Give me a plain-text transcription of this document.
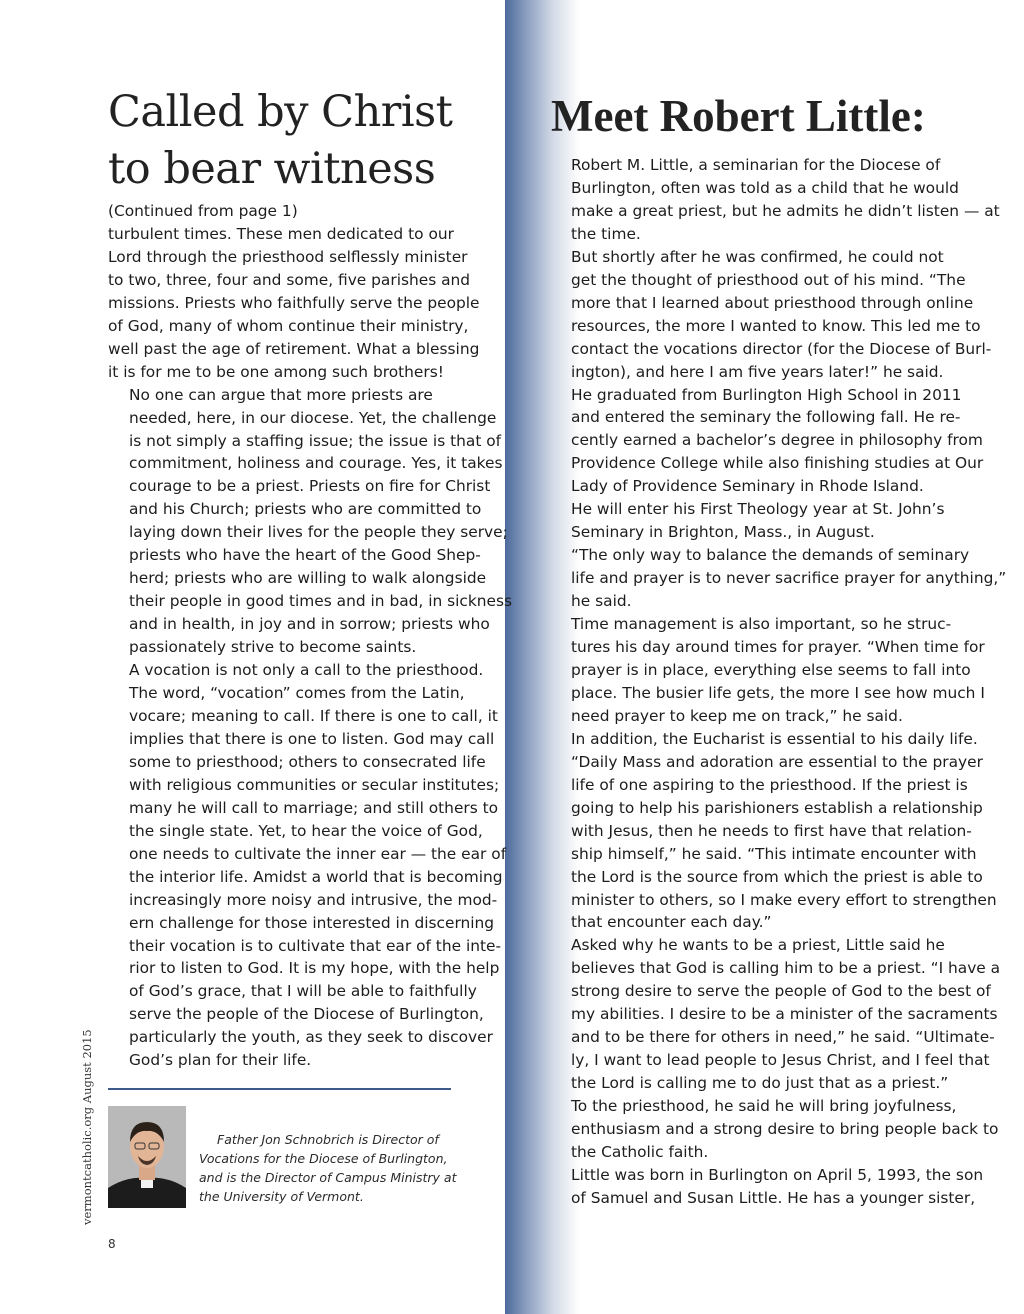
Called by Christ
to bear witness

(Continued from page 1)

turbulent times. These men dedicated to our
Lord through the priesthood selflessly minister
to two, three, four and some, five parishes and
missions. Priests who faithfully serve the people
of God, many of whom continue their ministry,
well past the age of retirement. What a blessing
it is for me to be one among such brothers!

No one can argue that more priests are
needed, here, in our diocese. Yet, the challenge
is not simply a staffing issue; the issue is that of
commitment, holiness and courage. Yes, it takes
courage to be a priest. Priests on fire for Christ
and his Church; priests who are committed to
laying down their lives for the people they serve;
priests who have the heart of the Good Shep-
herd; priests who are willing to walk alongside
their people in good times and in bad, in sickness
and in health, in joy and in sorrow; priests who
passionately strive to become saints.

A vocation is not only a call to the priesthood.
The word, “vocation” comes from the Latin,
vocare; meaning to call. If there is one to call, it
implies that there is one to listen. God may call
some to priesthood; others to consecrated life
with religious communities or secular institutes;
many he will call to marriage; and still others to
the single state. Yet, to hear the voice of God,
one needs to cultivate the inner ear — the ear of
the interior life. Amidst a world that is becoming
increasingly more noisy and intrusive, the mod-
ern challenge for those interested in discerning
their vocation is to cultivate that ear of the inte-
rior to listen to God. It is my hope, with the help
of God’s grace, that I will be able to faithfully
serve the people of the Diocese of Burlington,
particularly the youth, as they seek to discover
God’s plan for their life.

Father Jon Schnobrich is Director of
Vocations for the Diocese of Burlington,
and is the Director of Campus Ministry at
the University of Vermont.
vermontcatholic.org August 2015
8
Meet Robert Little:

Robert M. Little, a seminarian for the Diocese of
Burlington, often was told as a child that he would
make a great priest, but he admits he didn’t listen — at
the time.

But shortly after he was confirmed, he could not
get the thought of priesthood out of his mind. “The
more that I learned about priesthood through online
resources, the more I wanted to know. This led me to
contact the vocations director (for the Diocese of Burl-
ington), and here I am five years later!” he said.

He graduated from Burlington High School in 2011
and entered the seminary the following fall. He re-
cently earned a bachelor’s degree in philosophy from
Providence College while also finishing studies at Our
Lady of Providence Seminary in Rhode Island.

He will enter his First Theology year at St. John’s
Seminary in Brighton, Mass., in August.

“The only way to balance the demands of seminary
life and prayer is to never sacrifice prayer for anything,”
he said.

Time management is also important, so he struc-
tures his day around times for prayer. “When time for
prayer is in place, everything else seems to fall into
place. The busier life gets, the more I see how much I
need prayer to keep me on track,” he said.

In addition, the Eucharist is essential to his daily life.
“Daily Mass and adoration are essential to the prayer
life of one aspiring to the priesthood. If the priest is
going to help his parishioners establish a relationship
with Jesus, then he needs to first have that relation-
ship himself,” he said. “This intimate encounter with
the Lord is the source from which the priest is able to
minister to others, so I make every effort to strengthen
that encounter each day.”

Asked why he wants to be a priest, Little said he
believes that God is calling him to be a priest. “I have a
strong desire to serve the people of God to the best of
my abilities. I desire to be a minister of the sacraments
and to be there for others in need,” he said. “Ultimate-
ly, I want to lead people to Jesus Christ, and I feel that
the Lord is calling me to do just that as a priest.”

To the priesthood, he said he will bring joyfulness,
enthusiasm and a strong desire to bring people back to
the Catholic faith.

Little was born in Burlington on April 5, 1993, the son
of Samuel and Susan Little. He has a younger sister,
